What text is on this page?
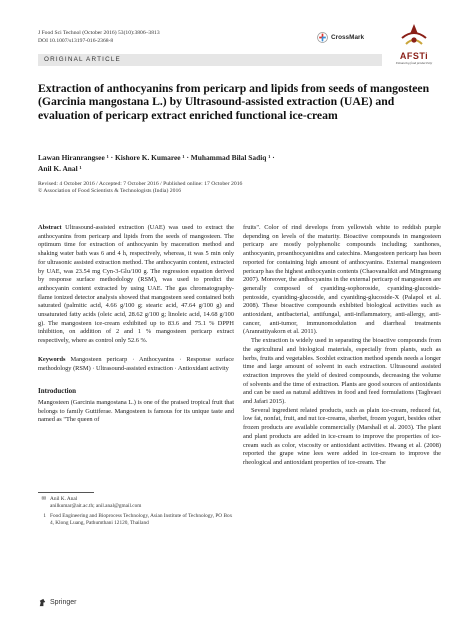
J Food Sci Technol (October 2016) 53(10):3806–3813
DOI 10.1007/s13197-016-2368-8
CrossMark
AFSTi
Enhancing food productivity
ORIGINAL ARTICLE
Extraction of anthocyanins from pericarp and lipids from seeds of mangosteen (Garcinia mangostana L.) by Ultrasound-assisted extraction (UAE) and evaluation of pericarp extract enriched functional ice-cream
Lawan Hiranrangsee ¹ · Kishore K. Kumaree ¹ · Muhammad Bilal Sadiq ¹ ·
Anil K. Anal ¹
Revised: 4 October 2016 / Accepted: 7 October 2016 / Published online: 17 October 2016
© Association of Food Scientists & Technologists (India) 2016

Abstract Ultrasound-assisted extraction (UAE) was used to extract the anthocyanins from pericarp and lipids from the seeds of mangosteen. The optimum time for extraction of anthocyanin by maceration method and shaking water bath was 6 and 4 h, respectively, whereas, it was 5 min only for ultrasonic assisted extraction method. The anthocyanin content, extracted by UAE, was 23.54 mg Cyn-3-Glu/100 g. The regression equation derived by response surface methodology (RSM), was used to predict the anthocyanin content extracted by using UAE. The gas chromatography-flame ionized detector analysis showed that mangosteen seed contained both saturated (palmitic acid, 4.66 g/100 g; stearic acid, 47.64 g/100 g) and unsaturated fatty acids (oleic acid, 28.62 g/100 g; linoleic acid, 14.68 g/100 g). The mangosteen ice-cream exhibited up to 83.6 and 75.1 % DPPH inhibition, on addition of 2 and 1 % mangosteen pericarp extract respectively, where as control only 52.6 %.

Keywords Mangosteen pericarp · Anthocyanins · Response surface methodology (RSM) · Ultrasound-assisted extraction · Antioxidant activity

Introduction

Mangosteen (Garcinia mangostana L.) is one of the praised tropical fruit that belongs to family Guttiferae. Mangosteen is famous for its unique taste and named as "The queen of

fruits". Color of rind develops from yellowish white to reddish purple depending on levels of the maturity. Bioactive compounds in mangosteen pericarp are mostly polyphenolic compounds including; xanthones, anthocyanin, proanthocyanidins and catechins. Mangosteen pericarp has been reported for containing high amount of anthocyanins. External mangosteen pericarp has the highest anthocyanin contents (Chaovanalikit and Mingmuang 2007). Moreover, the anthocyanins in the external pericarp of mangosteen are generally composed of cyaniding-sophoroside, cyaniding-glucoside-pentoside, cyaniding-glucoside, and cyaniding-glucoside-X (Palapol et al. 2008). These bioactive compounds exhibited biological activities such as antioxidant, antibacterial, antifungal, anti-inflammatory, anti-allergy, anti-cancer, anti-tumor, immunomodulation and diarrheal treatments (Aranrattiyakorn et al. 2011).

The extraction is widely used in separating the bioactive compounds from the agricultural and biological materials, especially from plants, such as herbs, fruits and vegetables. Soxhlet extraction method spends needs a longer time and large amount of solvent in each extraction. Ultrasound assisted extraction improves the yield of desired compounds, decreasing the volume of solvents and the time of extraction. Plants are good sources of antioxidants and can be used as natural additives in food and feed formulations (Taghvaei and Jafari 2015).

Several ingredient related products, such as plain ice-cream, reduced fat, low fat, nonfat, fruit, and nut ice-creams, sherbet, frozen yogurt, besides other frozen products are available commercially (Marshall et al. 2003). The plant and plant products are added in ice-cream to improve the properties of ice-cream such as color, viscosity or antioxidant activities. Hwang et al. (2008) reported the grape wine lees were added in ice-cream to improve the rheological and antioxidant properties of ice-cream. The

✉ Anil K. Anal
anilkumar@ait.ac.th; anil.anal@gmail.com
1 Food Engineering and Bioprocess Technology, Asian Institute of Technology, PO Box 4, Klong Luang, Pathumthani 12120, Thailand
Springer
